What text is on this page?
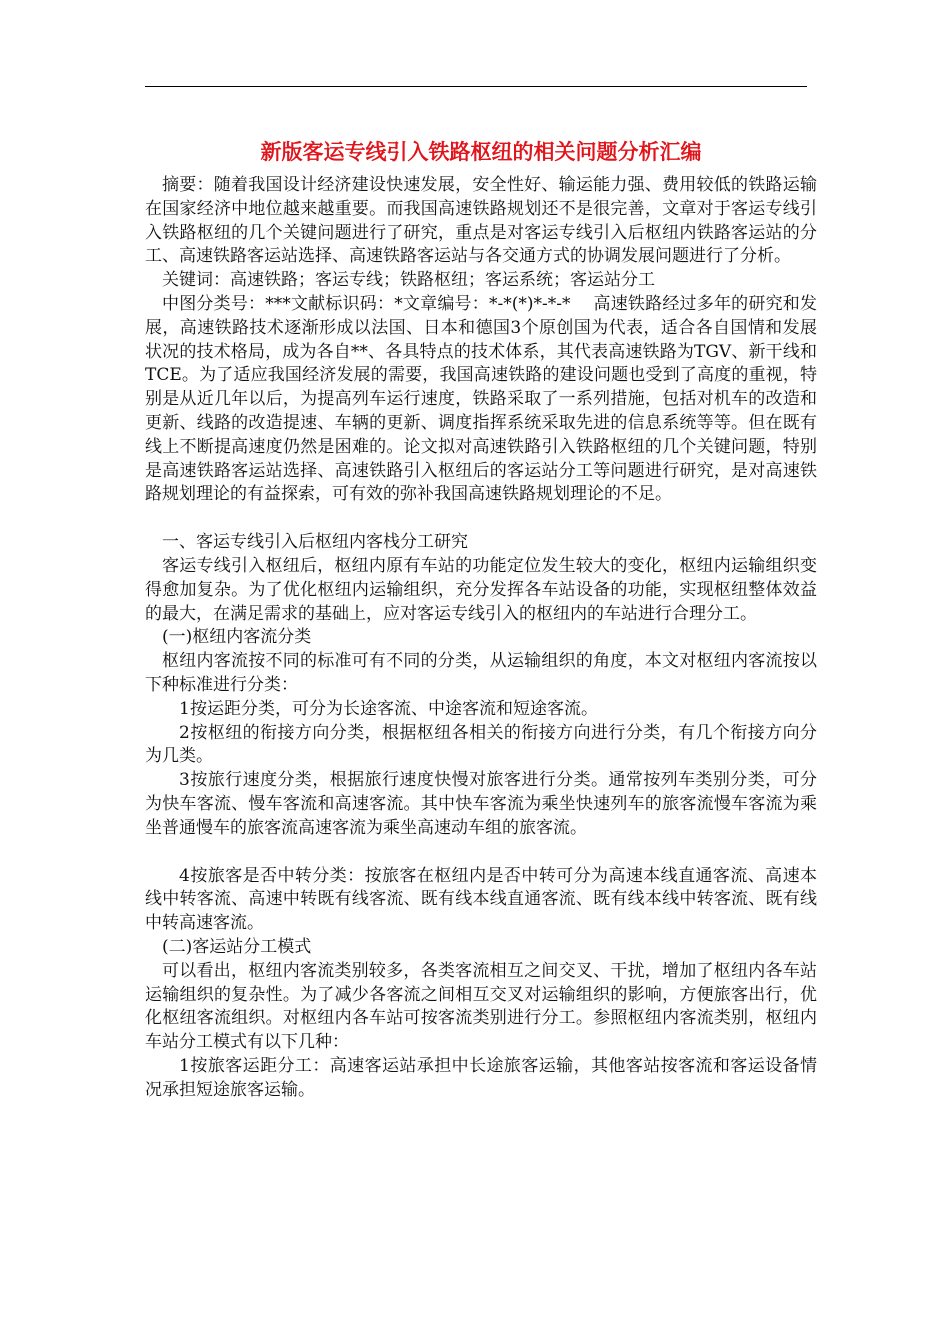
新版客运专线引入铁路枢纽的相关问题分析汇编

摘要：随着我国设计经济建设快速发展，安全性好、输运能力强、费用较低的铁路运输在国家经济中地位越来越重要。而我国高速铁路规划还不是很完善，文章对于客运专线引入铁路枢纽的几个关键问题进行了研究，重点是对客运专线引入后枢纽内铁路客运站的分工、高速铁路客运站选择、高速铁路客运站与各交通方式的协调发展问题进行了分析。

关键词：高速铁路；客运专线；铁路枢纽；客运系统；客运站分工

中图分类号：***文献标识码：*文章编号：*-*(*)*-*-*　 高速铁路经过多年的研究和发展，高速铁路技术逐渐形成以法国、日本和德国3个原创国为代表，适合各自国情和发展状况的技术格局，成为各自**、各具特点的技术体系，其代表高速铁路为TGV、新干线和TCE。为了适应我国经济发展的需要，我国高速铁路的建设问题也受到了高度的重视，特别是从近几年以后，为提高列车运行速度，铁路采取了一系列措施，包括对机车的改造和更新、线路的改造提速、车辆的更新、调度指挥系统采取先进的信息系统等等。但在既有线上不断提高速度仍然是困难的。论文拟对高速铁路引入铁路枢纽的几个关键问题，特别是高速铁路客运站选择、高速铁路引入枢纽后的客运站分工等问题进行研究，是对高速铁路规划理论的有益探索，可有效的弥补我国高速铁路规划理论的不足。

一、客运专线引入后枢纽内客栈分工研究

客运专线引入枢纽后，枢纽内原有车站的功能定位发生较大的变化，枢纽内运输组织变得愈加复杂。为了优化枢纽内运输组织，充分发挥各车站设备的功能，实现枢纽整体效益的最大，在满足需求的基础上，应对客运专线引入的枢纽内的车站进行合理分工。

(一)枢纽内客流分类

枢纽内客流按不同的标准可有不同的分类，从运输组织的角度，本文对枢纽内客流按以下种标准进行分类：

1按运距分类，可分为长途客流、中途客流和短途客流。

2按枢纽的衔接方向分类，根据枢纽各相关的衔接方向进行分类，有几个衔接方向分为几类。

3按旅行速度分类，根据旅行速度快慢对旅客进行分类。通常按列车类别分类，可分为快车客流、慢车客流和高速客流。其中快车客流为乘坐快速列车的旅客流慢车客流为乘坐普通慢车的旅客流高速客流为乘坐高速动车组的旅客流。

4按旅客是否中转分类：按旅客在枢纽内是否中转可分为高速本线直通客流、高速本线中转客流、高速中转既有线客流、既有线本线直通客流、既有线本线中转客流、既有线中转高速客流。

(二)客运站分工模式

可以看出，枢纽内客流类别较多，各类客流相互之间交叉、干扰，增加了枢纽内各车站运输组织的复杂性。为了减少各客流之间相互交叉对运输组织的影响，方便旅客出行，优化枢纽客流组织。对枢纽内各车站可按客流类别进行分工。参照枢纽内客流类别，枢纽内车站分工模式有以下几种：

1按旅客运距分工：高速客运站承担中长途旅客运输，其他客站按客流和客运设备情况承担短途旅客运输。
